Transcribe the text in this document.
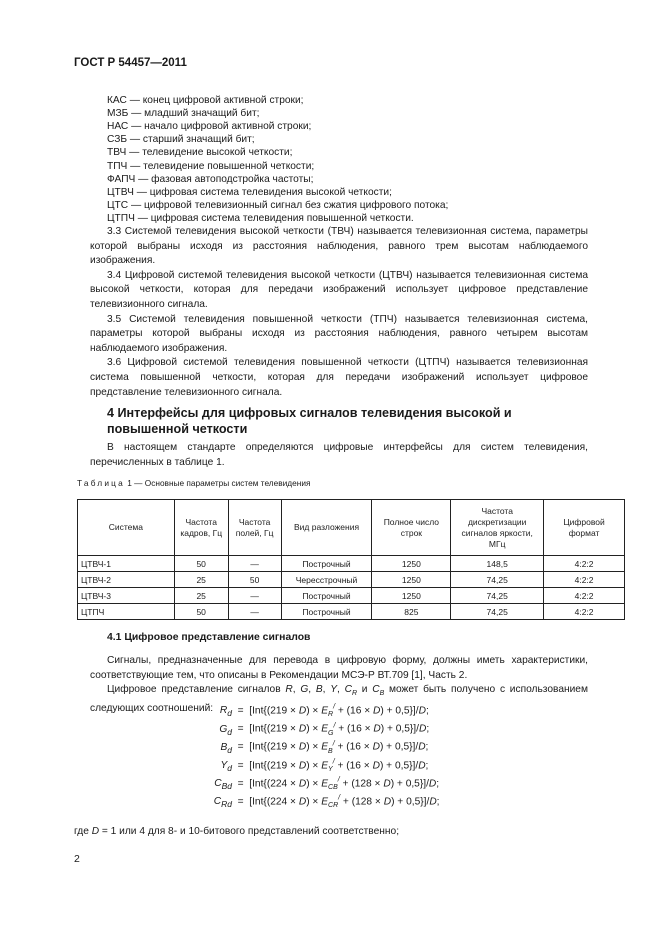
ГОСТ Р 54457—2011
КАС — конец цифровой активной строки;
МЗБ — младший значащий бит;
НАС — начало цифровой активной строки;
СЗБ — старший значащий бит;
ТВЧ — телевидение высокой четкости;
ТПЧ — телевидение повышенной четкости;
ФАПЧ — фазовая автоподстройка частоты;
ЦТВЧ — цифровая система телевидения высокой четкости;
ЦТС — цифровой телевизионный сигнал без сжатия цифрового потока;
ЦТПЧ — цифровая система телевидения повышенной четкости.

3.3 Системой телевидения высокой четкости (ТВЧ) называется телевизионная система, параметры которой выбраны исходя из расстояния наблюдения, равного трем высотам наблюдаемого изображения.

3.4 Цифровой системой телевидения высокой четкости (ЦТВЧ) называется телевизионная система высокой четкости, которая для передачи изображений использует цифровое представление телевизионного сигнала.

3.5 Системой телевидения повышенной четкости (ТПЧ) называется телевизионная система, параметры которой выбраны исходя из расстояния наблюдения, равного четырем высотам наблюдаемого изображения.

3.6 Цифровой системой телевидения повышенной четкости (ЦТПЧ) называется телевизионная система повышенной четкости, которая для передачи изображений использует цифровое представление телевизионного сигнала.

4 Интерфейсы для цифровых сигналов телевидения высокой и повышенной четкости

В настоящем стандарте определяются цифровые интерфейсы для систем телевидения, перечисленных в таблице 1.

Таблица 1 — Основные параметры систем телевидения
Система	Частота кадров, Гц	Частота полей, Гц	Вид разложения	Полное число строк	Частота дискретизации сигналов яркости, МГц	Цифровой формат
ЦТВЧ-1	50	—	Построчный	1250	148,5	4:2:2
ЦТВЧ-2	25	50	Чересстрочный	1250	74,25	4:2:2
ЦТВЧ-3	25	—	Построчный	1250	74,25	4:2:2
ЦТПЧ	50	—	Построчный	825	74,25	4:2:2
4.1 Цифровое представление сигналов

Сигналы, предназначенные для перевода в цифровую форму, должны иметь характеристики, соответствующие тем, что описаны в Рекомендации МСЭ-Р ВТ.709 [1], Часть 2.

Цифровое представление сигналов R, G, B, Y, $C_R$ и $C_B$ может быть получено с использованием следующих соотношений: $R_d = [Int\{(219 \times D) \times E_R^/ + (16 \times D) + 0,5\}]/D$;
$G_d = [Int\{(219 \times D) \times E_G^/ + (16 \times D) + 0,5\}]/D$;
$B_d = [Int\{(219 \times D) \times E_B^/ + (16 \times D) + 0,5\}]/D$;
$Y_d = [Int\{(219 \times D) \times E_Y^/ + (16 \times D) + 0,5\}]/D$;
$C_{Bd} = [Int\{(224 \times D) \times E_{CB}^/ + (128 \times D) + 0,5\}]/D$;
$C_{Rd} = [Int\{(224 \times D) \times E_{CR}^/ + (128 \times D) + 0,5\}]/D$;
где D = 1 или 4 для 8- и 10-битового представлений соответственно;
2
